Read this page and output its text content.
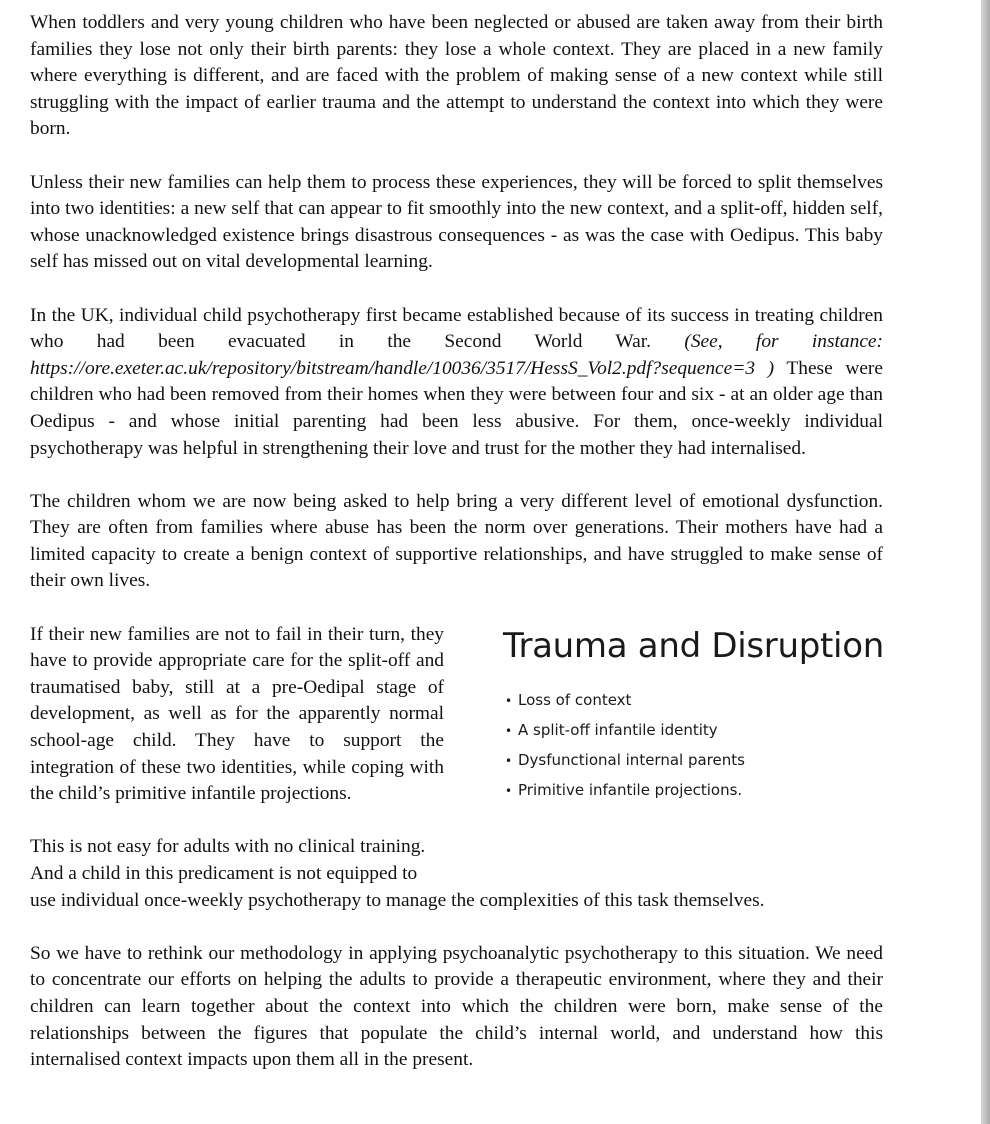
When toddlers and very young children who have been neglected or abused are taken away from their birth families they lose not only their birth parents: they lose a whole context. They are placed in a new family where everything is different, and are faced with the problem of making sense of a new context while still struggling with the impact of earlier trauma and the attempt to understand the context into which they were born.

Unless their new families can help them to process these experiences, they will be forced to split themselves into two identities: a new self that can appear to fit smoothly into the new context, and a split-off, hidden self, whose unacknowledged existence brings disastrous consequences - as was the case with Oedipus. This baby self has missed out on vital developmental learning.

In the UK, individual child psychotherapy first became established because of its success in treating children who had been evacuated in the Second World War. (See, for instance: https://ore.exeter.ac.uk/repository/bitstream/handle/10036/3517/HessS_Vol2.pdf?sequence=3 ) These were children who had been removed from their homes when they were between four and six - at an older age than Oedipus - and whose initial parenting had been less abusive. For them, once-weekly individual psychotherapy was helpful in strengthening their love and trust for the mother they had internalised.

The children whom we are now being asked to help bring a very different level of emotional dysfunction. They are often from families where abuse has been the norm over generations. Their mothers have had a limited capacity to create a benign context of supportive relationships, and have struggled to make sense of their own lives.

If their new families are not to fail in their turn, they have to provide appropriate care for the split-off and traumatised baby, still at a pre-Oedipal stage of development, as well as for the apparently normal school-age child. They have to support the integration of these two identities, while coping with the child’s primitive infantile projections.

Trauma and Disruption
• Loss of context
• A split-off infantile identity
• Dysfunctional internal parents
• Primitive infantile projections.

This is not easy for adults with no clinical training.
And a child in this predicament is not equipped to
use individual once-weekly psychotherapy to manage the complexities of this task themselves.

So we have to rethink our methodology in applying psychoanalytic psychotherapy to this situation. We need to concentrate our efforts on helping the adults to provide a therapeutic environment, where they and their children can learn together about the context into which the children were born, make sense of the relationships between the figures that populate the child’s internal world, and understand how this internalised context impacts upon them all in the present.
